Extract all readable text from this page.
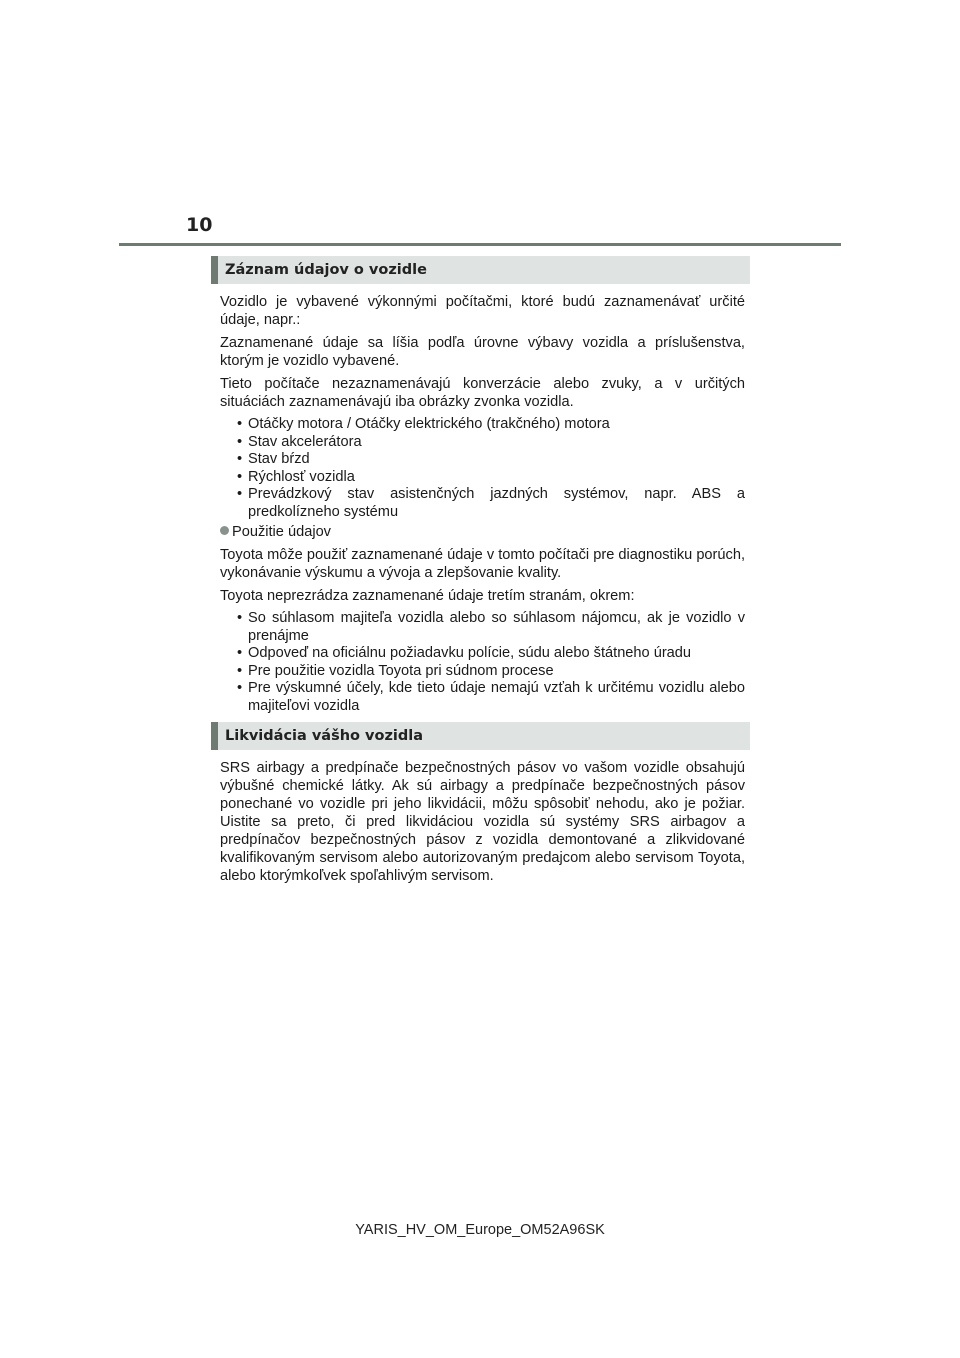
10
Záznam údajov o vozidle

Vozidlo je vybavené výkonnými počítačmi, ktoré budú zaznamenávať určité údaje, napr.:

Zaznamenané údaje sa líšia podľa úrovne výbavy vozidla a príslušenstva, ktorým je vozidlo vybavené.

Tieto počítače nezaznamenávajú konverzácie alebo zvuky, a v určitých situáciách zaznamenávajú iba obrázky zvonka vozidla.

• Otáčky motora / Otáčky elektrického (trakčného) motora
• Stav akcelerátora
• Stav bŕzd
• Rýchlosť vozidla
• Prevádzkový stav asistenčných jazdných systémov, napr. ABS a predkolízneho systému
Použitie údajov

Toyota môže použiť zaznamenané údaje v tomto počítači pre diagnostiku porúch, vykonávanie výskumu a vývoja a zlepšovanie kvality.

Toyota neprezrádza zaznamenané údaje tretím stranám, okrem:

• So súhlasom majiteľa vozidla alebo so súhlasom nájomcu, ak je vozidlo v prenájme
• Odpoveď na oficiálnu požiadavku polície, súdu alebo štátneho úradu
• Pre použitie vozidla Toyota pri súdnom procese
• Pre výskumné účely, kde tieto údaje nemajú vzťah k určitému vozidlu alebo majiteľovi vozidla
Likvidácia vášho vozidla

SRS airbagy a predpínače bezpečnostných pásov vo vašom vozidle obsahujú výbušné chemické látky. Ak sú airbagy a predpínače bezpečnostných pásov ponechané vo vozidle pri jeho likvidácii, môžu spôsobiť nehodu, ako je požiar. Uistite sa preto, či pred likvidáciou vozidla sú systémy SRS airbagov a predpínačov bezpečnostných pásov z vozidla demontované a zlikvidované kvalifikovaným servisom alebo autorizovaným predajcom alebo servisom Toyota, alebo ktorýmkoľvek spoľahlivým servisom.

YARIS_HV_OM_Europe_OM52A96SK
